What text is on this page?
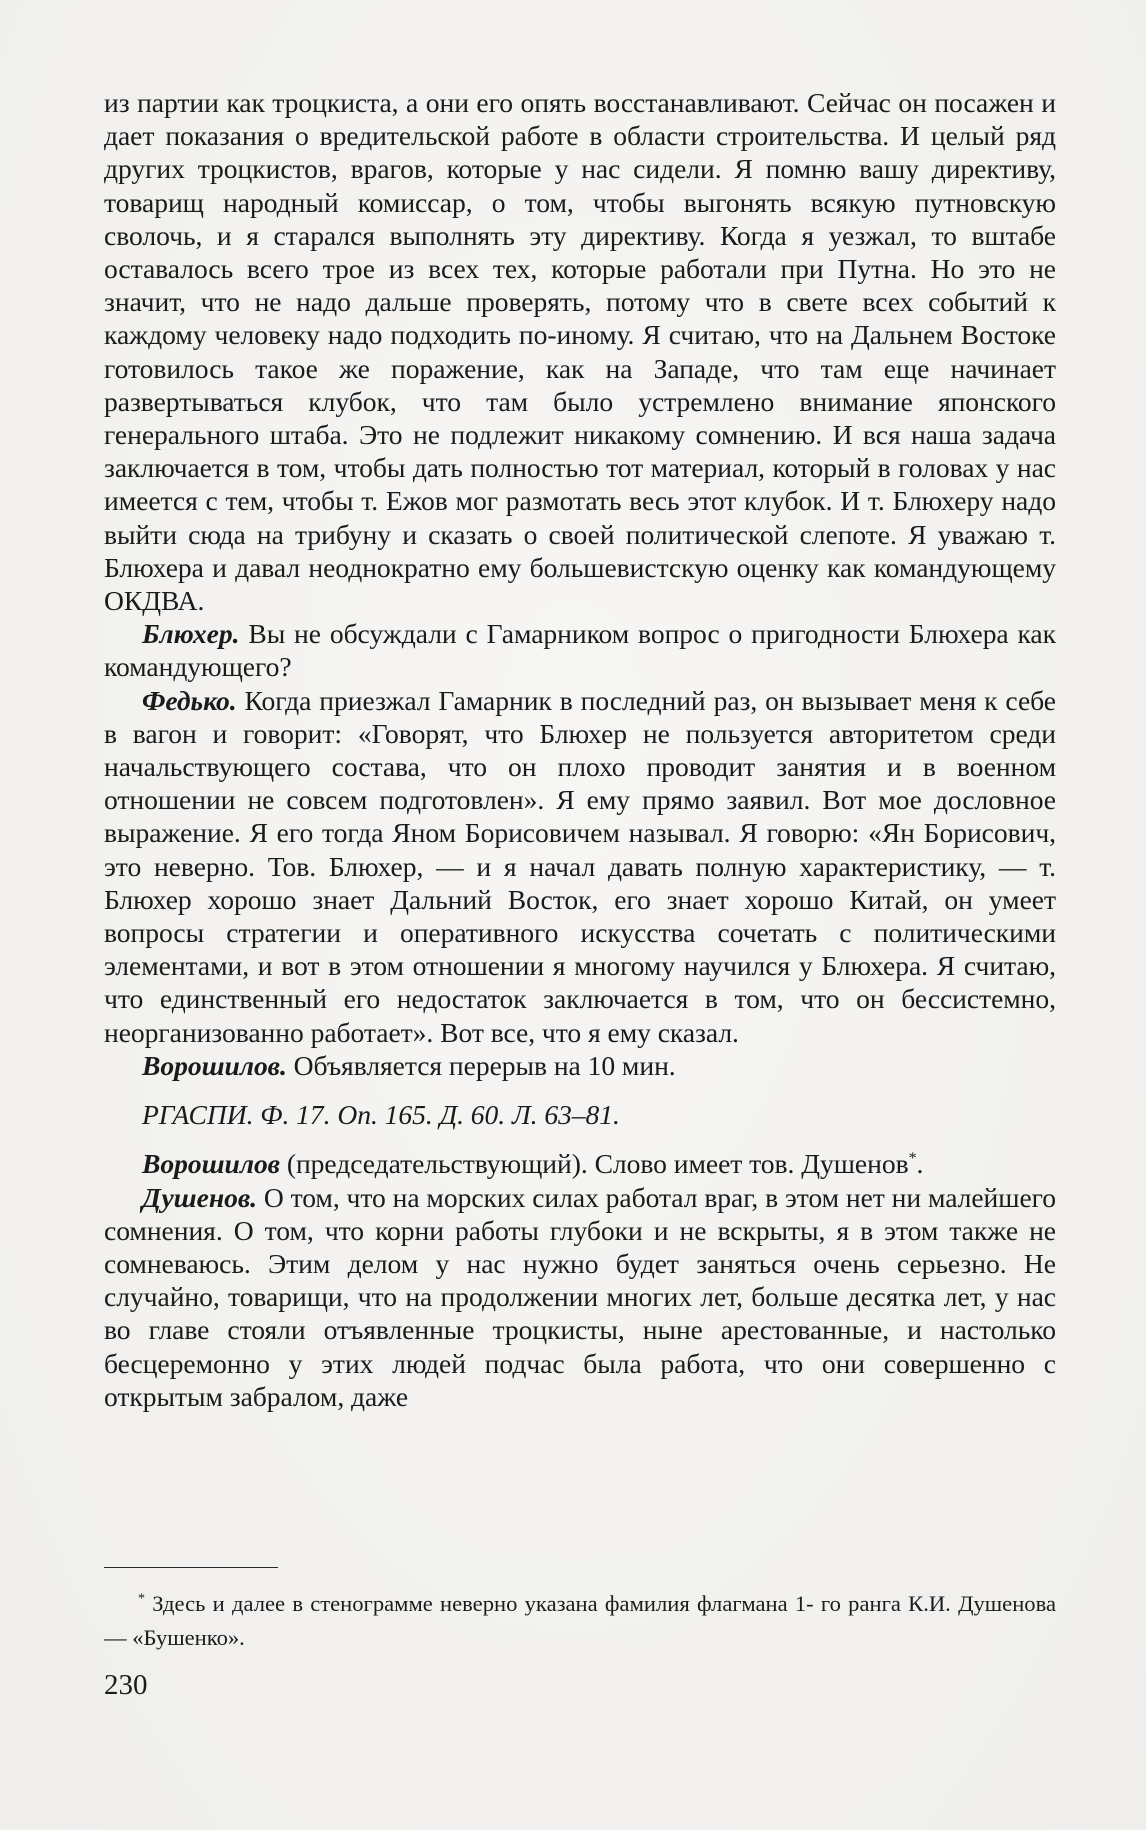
из партии как троцкиста, а они его опять восстанавливают. Сейчас он посажен и дает показания о вредительской работе в области строительства. И целый ряд других троцкистов, врагов, которые у нас сидели. Я помню вашу директиву, товарищ народный комиссар, о том, чтобы выгонять всякую путновскую сволочь, и я старался выполнять эту директиву. Когда я уезжал, то вштабе оставалось всего трое из всех тех, которые работали при Путна. Но это не значит, что не надо дальше проверять, потому что в свете всех событий к каждому человеку надо подходить по-иному. Я считаю, что на Дальнем Востоке готовилось такое же поражение, как на Западе, что там еще начинает развертываться клубок, что там было устремлено внимание японского генерального штаба. Это не подлежит никакому сомнению. И вся наша задача заключается в том, чтобы дать полностью тот материал, который в головах у нас имеется с тем, чтобы т. Ежов мог размотать весь этот клубок. И т. Блюхеру надо выйти сюда на трибуну и сказать о своей политической слепоте. Я уважаю т. Блюхера и давал неоднократно ему большевистскую оценку как командующему ОКДВА.

Блюхер. Вы не обсуждали с Гамарником вопрос о пригодности Блюхера как командующего?

Федько. Когда приезжал Гамарник в последний раз, он вызывает меня к себе в вагон и говорит: «Говорят, что Блюхер не пользуется авторитетом среди начальствующего состава, что он плохо проводит занятия и в военном отношении не совсем подготовлен». Я ему прямо заявил. Вот мое дословное выражение. Я его тогда Яном Борисовичем называл. Я говорю: «Ян Борисович, это неверно. Тов. Блюхер, — и я начал давать полную характеристику, — т. Блюхер хорошо знает Дальний Восток, его знает хорошо Китай, он умеет вопросы стратегии и оперативного искусства сочетать с политическими элементами, и вот в этом отношении я многому научился у Блюхера. Я считаю, что единственный его недостаток заключается в том, что он бессистемно, неорганизованно работает». Вот все, что я ему сказал.

Ворошилов. Объявляется перерыв на 10 мин.

РГАСПИ. Ф. 17. Оп. 165. Д. 60. Л. 63–81.

Ворошилов (председательствующий). Слово имеет тов. Душенов*.

Душенов. О том, что на морских силах работал враг, в этом нет ни малейшего сомнения. О том, что корни работы глубоки и не вскрыты, я в этом также не сомневаюсь. Этим делом у нас нужно будет заняться очень серьезно. Не случайно, товарищи, что на продолжении многих лет, больше десятка лет, у нас во главе стояли отъявленные троцкисты, ныне арестованные, и настолько бесцеремонно у этих людей подчас была работа, что они совершенно с открытым забралом, даже

* Здесь и далее в стенограмме неверно указана фамилия флагмана 1- го ранга К.И. Душенова — «Бушенко».

230
